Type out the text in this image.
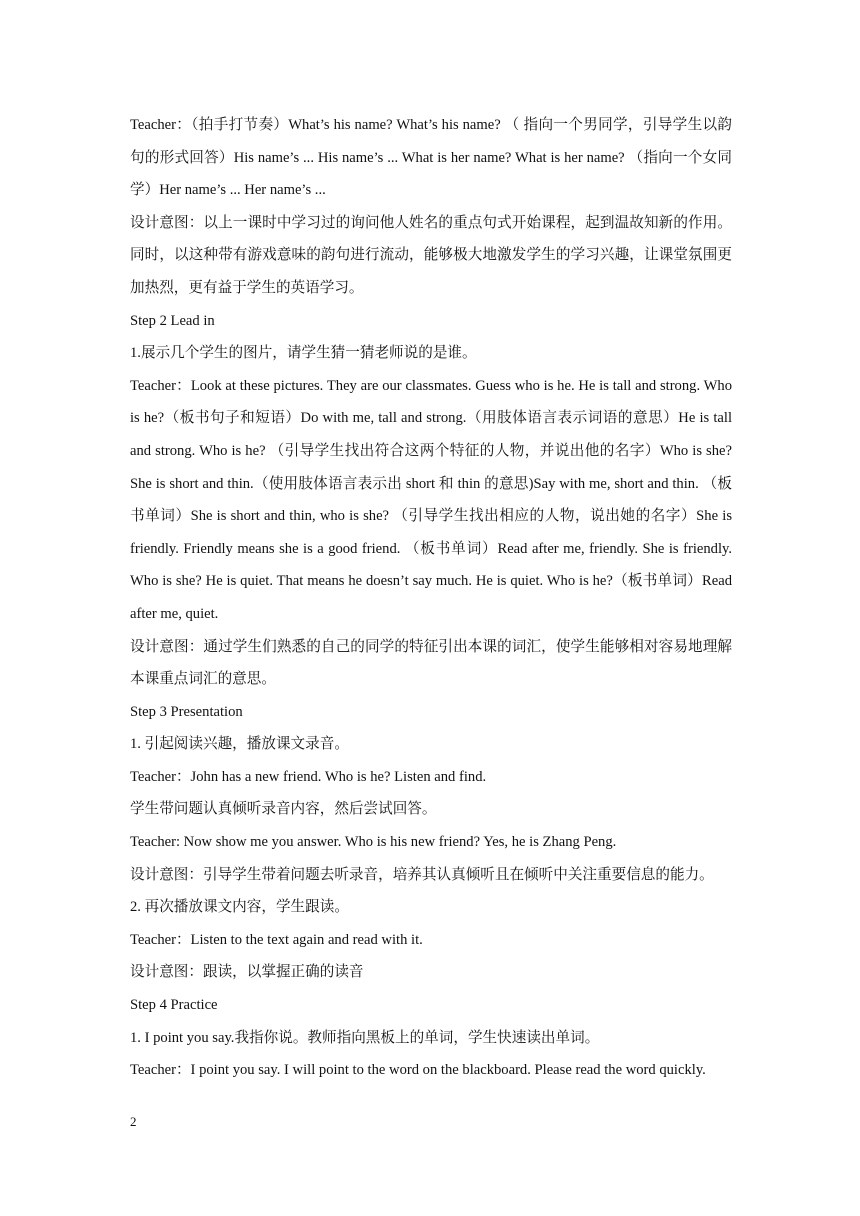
Teacher：（拍手打节奏）What’s his name? What’s his name? （ 指向一个男同学，引导学生以韵句的形式回答）His name’s ... His name’s ... What is her name? What is her name? （指向一个女同学）Her name’s ... Her name’s ...

设计意图：以上一课时中学习过的询问他人姓名的重点句式开始课程，起到温故知新的作用。同时，以这种带有游戏意味的韵句进行流动，能够极大地激发学生的学习兴趣，让课堂氛围更加热烈，更有益于学生的英语学习。

Step 2 Lead in

1.展示几个学生的图片，请学生猜一猜老师说的是谁。

Teacher：Look at these pictures. They are our classmates. Guess who is he. He is tall and strong. Who is he?（板书句子和短语）Do with me, tall and strong.（用肢体语言表示词语的意思）He is tall and strong. Who is he? （引导学生找出符合这两个特征的人物，并说出他的名字）Who is she? She is short and thin.（使用肢体语言表示出 short 和 thin 的意思)Say with me, short and thin. （板书单词）She is short and thin, who is she? （引导学生找出相应的人物，说出她的名字）She is friendly. Friendly means she is a good friend. （板书单词）Read after me, friendly. She is friendly. Who is she? He is quiet. That means he doesn’t say much. He is quiet. Who is he?（板书单词）Read after me, quiet.

设计意图：通过学生们熟悉的自己的同学的特征引出本课的词汇，使学生能够相对容易地理解本课重点词汇的意思。

Step 3 Presentation

1. 引起阅读兴趣，播放课文录音。

Teacher：John has a new friend. Who is he? Listen and find.

学生带问题认真倾听录音内容，然后尝试回答。

Teacher: Now show me you answer. Who is his new friend? Yes, he is Zhang Peng.

设计意图：引导学生带着问题去听录音，培养其认真倾听且在倾听中关注重要信息的能力。

2. 再次播放课文内容，学生跟读。

Teacher：Listen to the text again and read with it.

设计意图：跟读，以掌握正确的读音

Step 4 Practice

1. I point you say.我指你说。教师指向黑板上的单词，学生快速读出单词。

Teacher：I point you say. I will point to the word on the blackboard. Please read the word quickly.

2
